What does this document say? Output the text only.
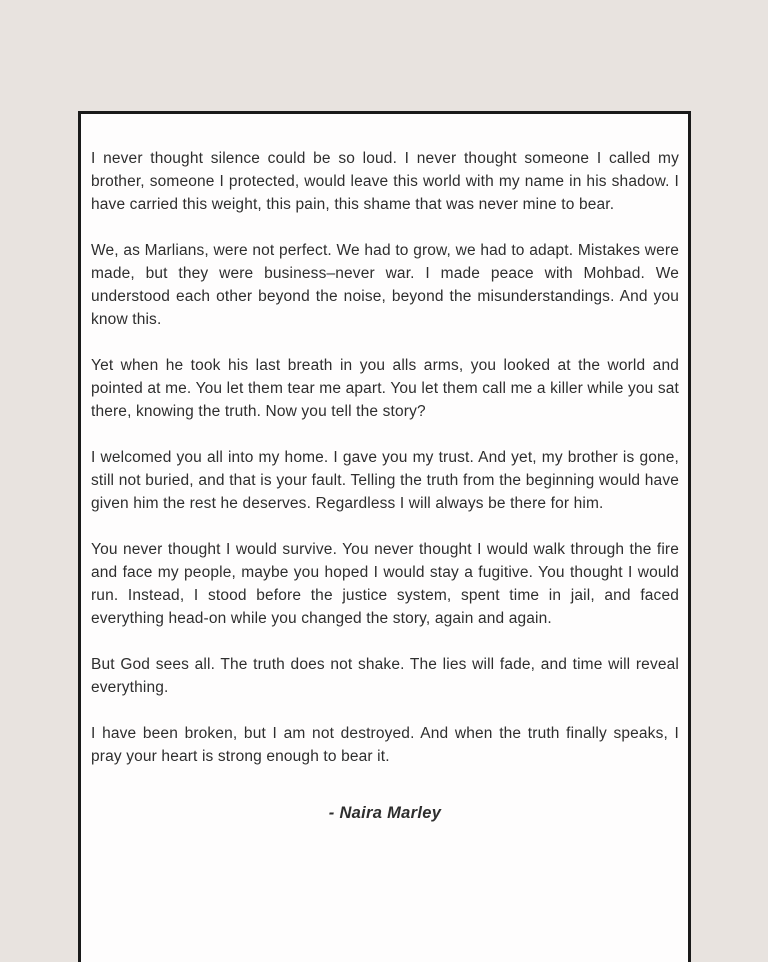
I never thought silence could be so loud. I never thought someone I called my brother, someone I protected, would leave this world with my name in his shadow. I have carried this weight, this pain, this shame that was never mine to bear.

We, as Marlians, were not perfect. We had to grow, we had to adapt. Mistakes were made, but they were business–never war. I made peace with Mohbad. We understood each other beyond the noise, beyond the misunderstandings. And you know this.

Yet when he took his last breath in you alls arms, you looked at the world and pointed at me. You let them tear me apart. You let them call me a killer while you sat there, knowing the truth. Now you tell the story?

I welcomed you all into my home. I gave you my trust. And yet, my brother is gone, still not buried, and that is your fault. Telling the truth from the beginning would have given him the rest he deserves. Regardless I will always be there for him.

You never thought I would survive. You never thought I would walk through the fire and face my people, maybe you hoped I would stay a fugitive. You thought I would run. Instead, I stood before the justice system, spent time in jail, and faced everything head-on while you changed the story, again and again.

But God sees all. The truth does not shake. The lies will fade, and time will reveal everything.

I have been broken, but I am not destroyed. And when the truth finally speaks, I pray your heart is strong enough to bear it.

- Naira Marley
